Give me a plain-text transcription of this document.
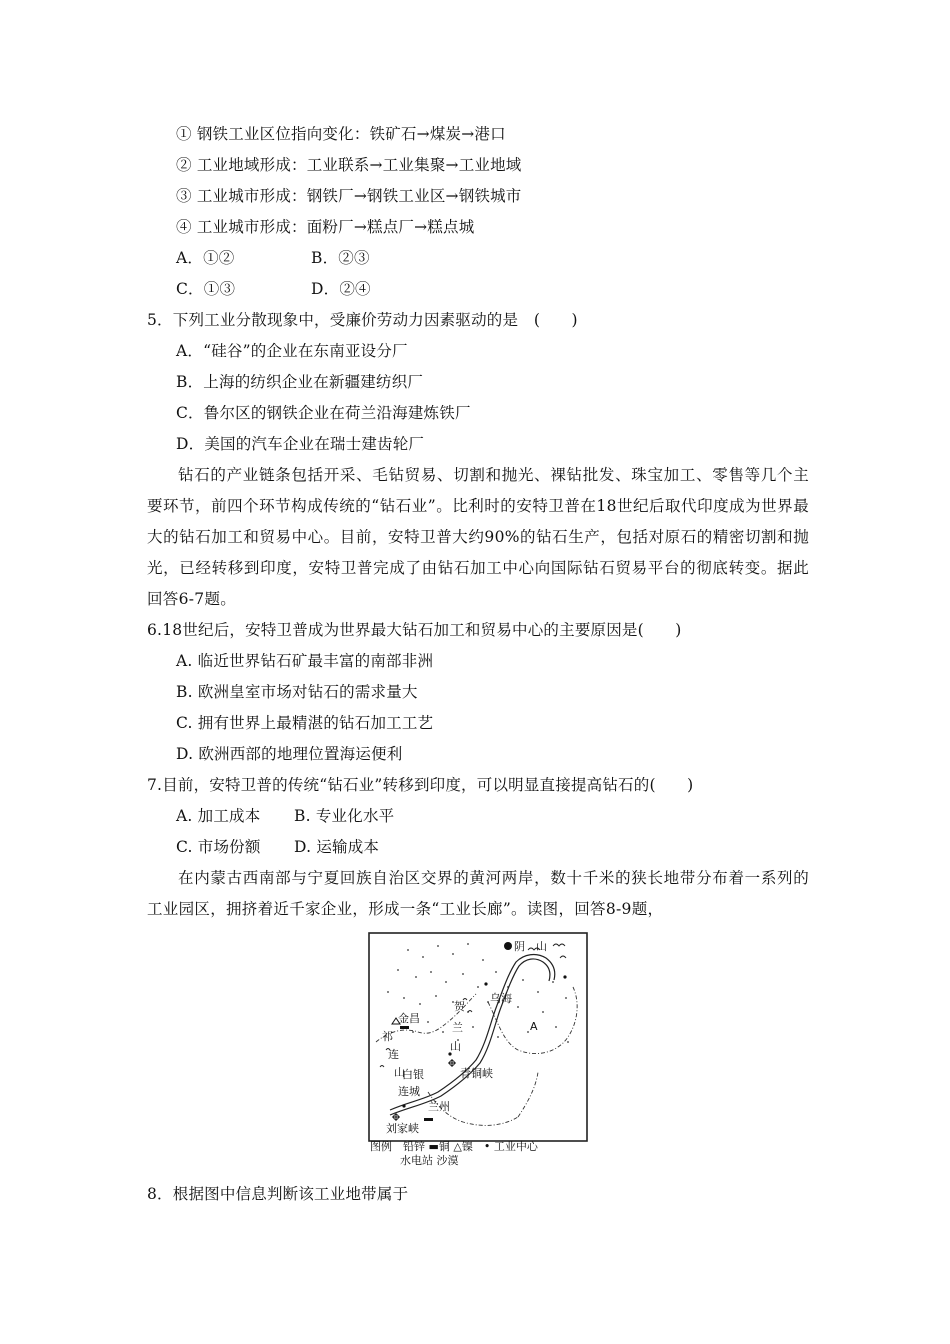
① 钢铁工业区位指向变化：铁矿石→煤炭→港口
② 工业地域形成：工业联系→工业集聚→工业地域
③ 工业城市形成：钢铁厂→钢铁工业区→钢铁城市
④ 工业城市形成：面粉厂→糕点厂→糕点城
A．①②	B．②③
C．①③	D．②④
5．下列工业分散现象中，受廉价劳动力因素驱动的是　(　　)
A．“硅谷”的企业在东南亚设分厂
B．上海的纺织企业在新疆建纺织厂
C．鲁尔区的钢铁企业在荷兰沿海建炼铁厂
D．美国的汽车企业在瑞士建齿轮厂
钻石的产业链条包括开采、毛钻贸易、切割和抛光、裸钻批发、珠宝加工、零售等几个主要环节，前四个环节构成传统的“钻石业”。比利时的安特卫普在18世纪后取代印度成为世界最大的钻石加工和贸易中心。目前，安特卫普大约90%的钻石生产，包括对原石的精密切割和抛光，已经转移到印度，安特卫普完成了由钻石加工中心向国际钻石贸易平台的彻底转变。据此回答6-7题。
6.18世纪后，安特卫普成为世界最大钻石加工和贸易中心的主要原因是(　　)
A. 临近世界钻石矿最丰富的南部非洲
B. 欧洲皇室市场对钻石的需求量大
C. 拥有世界上最精湛的钻石加工工艺
D. 欧洲西部的地理位置海运便利
7.目前，安特卫普的传统“钻石业”转移到印度，可以明显直接提高钻石的(　　)
A. 加工成本 B. 专业化水平
C. 市场份额 D. 运输成本
在内蒙古西南部与宁夏回族自治区交界的黄河两岸，数十千米的狭长地带分布着一系列的工业园区，拥挤着近千家企业，形成一条“工业长廊”。读图，回答8-9题，
阴　山
乌海
金昌
贺
兰
山
祁
连
山	青铜峡
白银
连城
兰州
刘家峡
A
图例　铅锌 ▬铜 △镍　• 工业中心
水电站 沙漠
8．根据图中信息判断该工业地带属于
